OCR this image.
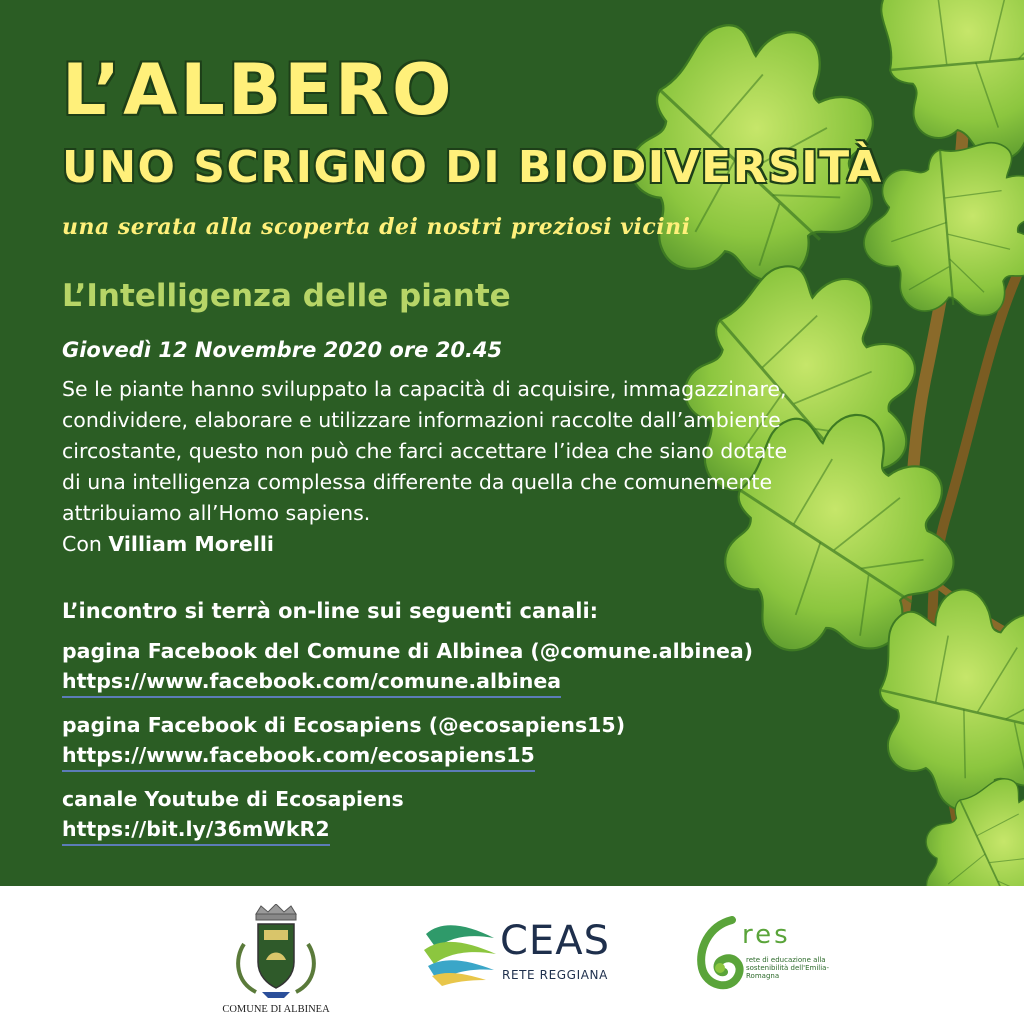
L’ALBERO
UNO SCRIGNO DI BIODIVERSITÀ
una serata alla scoperta dei nostri preziosi vicini
L’Intelligenza delle piante
Giovedì 12 Novembre 2020 ore 20.45
Se le piante hanno sviluppato la capacità di acquisire, immagazzinare,
condividere, elaborare e utilizzare informazioni raccolte dall’ambiente
circostante, questo non può che farci accettare l’idea che siano dotate
di una intelligenza complessa differente da quella che comunemente
attribuiamo all’Homo sapiens.
Con Villiam Morelli
L’incontro si terrà on-line sui seguenti canali:
pagina Facebook del Comune di Albinea (@comune.albinea)
https://www.facebook.com/comune.albinea
pagina Facebook di Ecosapiens (@ecosapiens15)
https://www.facebook.com/ecosapiens15
canale Youtube di Ecosapiens
https://bit.ly/36mWkR2
COMUNE DI ALBINEA
CEAS
RETE REGGIANA
res
rete di educazione alla sostenibilità dell'Emilia-Romagna
